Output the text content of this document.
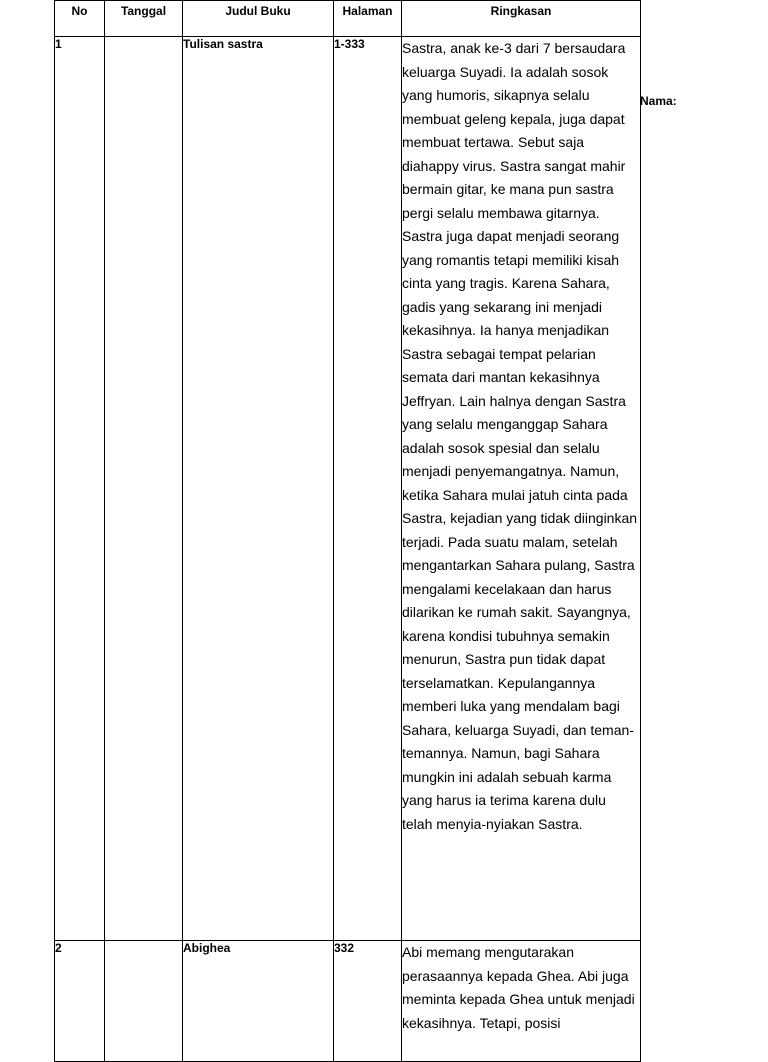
No	Tanggal	Judul Buku	Halaman	Ringkasan
1		Tulisan sastra	1-333	Sastra, anak ke-3 dari 7 bersaudara keluarga Suyadi. Ia adalah sosok yang humoris, sikapnya selalu membuat geleng kepala, juga dapat membuat tertawa. Sebut saja diahappy virus. Sastra sangat mahir bermain gitar, ke mana pun sastra pergi selalu membawa gitarnya. Sastra juga dapat menjadi seorang yang romantis tetapi memiliki kisah cinta yang tragis. Karena Sahara, gadis yang sekarang ini menjadi kekasihnya. Ia hanya menjadikan Sastra sebagai tempat pelarian semata dari mantan kekasihnya Jeffryan. Lain halnya dengan Sastra yang selalu menganggap Sahara adalah sosok spesial dan selalu menjadi penyemangatnya. Namun, ketika Sahara mulai jatuh cinta pada Sastra, kejadian yang tidak diinginkan terjadi. Pada suatu malam, setelah mengantarkan Sahara pulang, Sastra mengalami kecelakaan dan harus dilarikan ke rumah sakit. Sayangnya, karena kondisi tubuhnya semakin menurun, Sastra pun tidak dapat terselamatkan. Kepulangannya memberi luka yang mendalam bagi Sahara, keluarga Suyadi, dan teman-temannya. Namun, bagi Sahara mungkin ini adalah sebuah karma yang harus ia terima karena dulu telah menyia-nyiakan Sastra.
2		Abighea	332	Abi memang mengutarakan perasaannya kepada Ghea. Abi juga meminta kepada Ghea untuk menjadi kekasihnya. Tetapi, posisi
Nama:
